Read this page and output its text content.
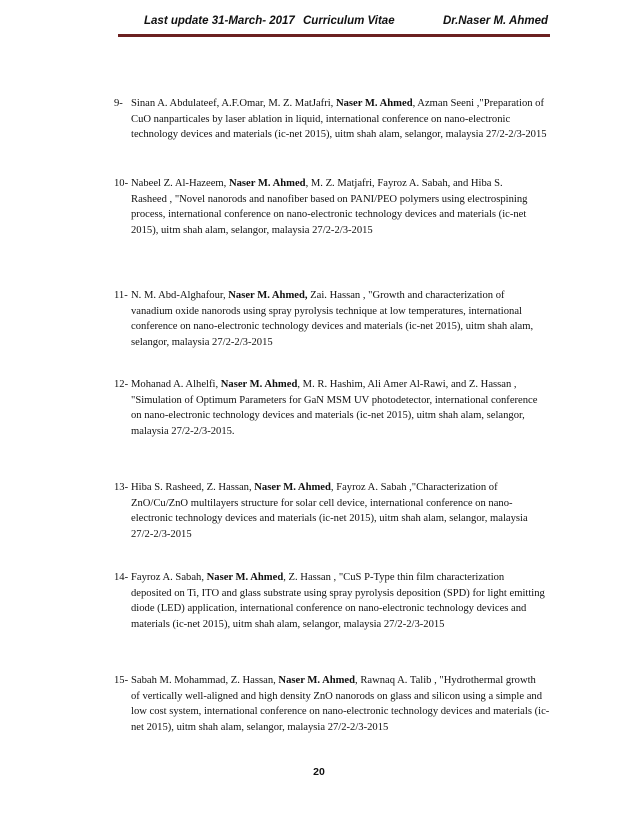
Last update 31-March- 2017 Curriculum Vitae	Dr.Naser M. Ahmed
9- Sinan A. Abdulateef, A.F.Omar, M. Z. MatJafri, Naser M. Ahmed, Azman Seeni ,"Preparation of
CuO nanparticales by laser ablation in liquid, international conference on nano-electronic
technology devices and materials (ic-net 2015), uitm shah alam, selangor, malaysia 27/2-2/3-2015
10- Nabeel Z. Al-Hazeem, Naser M. Ahmed, M. Z. Matjafri, Fayroz A. Sabah, and Hiba S.
Rasheed , "Novel nanorods and nanofiber based on PANI/PEO polymers using electrospining
process, international conference on nano-electronic technology devices and materials (ic-net
2015), uitm shah alam, selangor, malaysia 27/2-2/3-2015
11- N. M. Abd-Alghafour, Naser M. Ahmed, Zai. Hassan , "Growth and characterization of
vanadium oxide nanorods using spray pyrolysis technique at low temperatures, international
conference on nano-electronic technology devices and materials (ic-net 2015), uitm shah alam,
selangor, malaysia 27/2-2/3-2015
12- Mohanad A. Alhelfi, Naser M. Ahmed, M. R. Hashim, Ali Amer Al-Rawi, and Z. Hassan ,
"Simulation of Optimum Parameters for GaN MSM UV photodetector, international conference
on nano-electronic technology devices and materials (ic-net 2015), uitm shah alam, selangor,
malaysia 27/2-2/3-2015.
13- Hiba S. Rasheed, Z. Hassan, Naser M. Ahmed, Fayroz A. Sabah ,"Characterization of
ZnO/Cu/ZnO multilayers structure for solar cell device, international conference on nano-
electronic technology devices and materials (ic-net 2015), uitm shah alam, selangor, malaysia
27/2-2/3-2015
14- Fayroz A. Sabah, Naser M. Ahmed, Z. Hassan , "CuS P-Type thin film characterization
deposited on Ti, ITO and glass substrate using spray pyrolysis deposition (SPD) for light emitting
diode (LED) application, international conference on nano-electronic technology devices and
materials (ic-net 2015), uitm shah alam, selangor, malaysia 27/2-2/3-2015
15- Sabah M. Mohammad, Z. Hassan, Naser M. Ahmed, Rawnaq A. Talib , "Hydrothermal growth
of vertically well-aligned and high density ZnO nanorods on glass and silicon using a simple and
low cost system, international conference on nano-electronic technology devices and materials (ic-
net 2015), uitm shah alam, selangor, malaysia 27/2-2/3-2015
20
